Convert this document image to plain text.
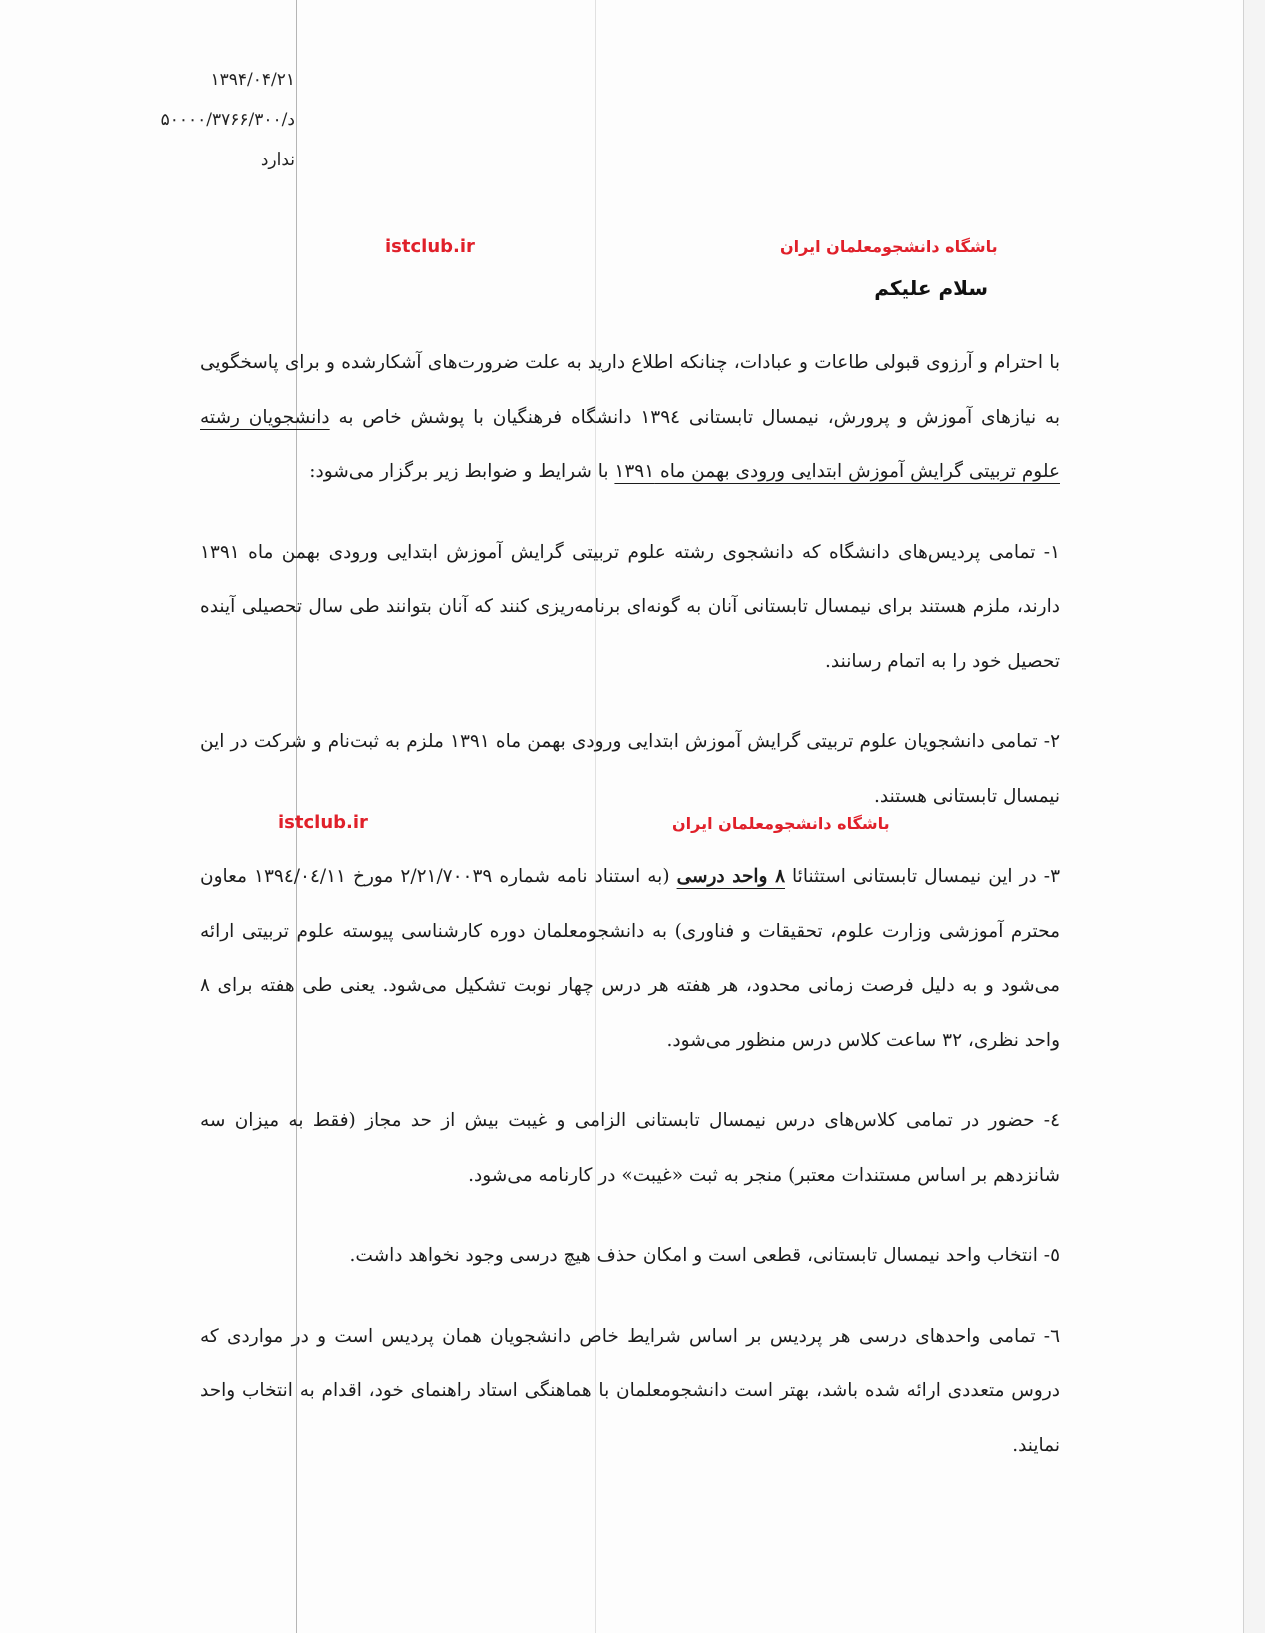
۱۳۹۴/۰۴/۲۱
۵۰۰۰۰/۳۷۶۶/۳۰۰/د
ندارد
istclub.ir	باشگاه دانشجومعلمان ایران
سلام علیکم

با احترام و آرزوی قبولی طاعات و عبادات، چنانکه اطلاع دارید به علت ضرورت‌های آشکارشده و برای پاسخگویی به نیازهای آموزش و پرورش، نیمسال تابستانی ۱۳۹٤ دانشگاه فرهنگیان با پوشش خاص به دانشجویان رشته علوم تربیتی گرایش آموزش ابتدایی ورودی بهمن ماه ۱۳۹۱ با شرایط و ضوابط زیر برگزار می‌شود:

۱- تمامی پردیس‌های دانشگاه که دانشجوی رشته علوم تربیتی گرایش آموزش ابتدایی ورودی بهمن ماه ۱۳۹۱ دارند، ملزم هستند برای نیمسال تابستانی آنان به گونه‌ای برنامه‌ریزی کنند که آنان بتوانند طی سال تحصیلی آینده تحصیل خود را به اتمام رسانند.

۲- تمامی دانشجویان علوم تربیتی گرایش آموزش ابتدایی ورودی بهمن ماه ۱۳۹۱ ملزم به ثبت‌نام و شرکت در این نیمسال تابستانی هستند.

۳- در این نیمسال تابستانی استثنائا ۸ واحد درسی (به استناد نامه شماره ۲/۲۱/۷۰۰۳۹ مورخ ۱۳۹٤/۰٤/۱۱ معاون محترم آموزشی وزارت علوم، تحقیقات و فناوری) به دانشجومعلمان دوره کارشناسی پیوسته علوم تربیتی ارائه می‌شود و به دلیل فرصت زمانی محدود، هر هفته هر درس چهار نوبت تشکیل می‌شود. یعنی طی هفته برای ۸ واحد نظری، ۳۲ ساعت کلاس درس منظور می‌شود.

٤- حضور در تمامی کلاس‌های درس نیمسال تابستانی الزامی و غیبت بیش از حد مجاز (فقط به میزان سه شانزدهم بر اساس مستندات معتبر) منجر به ثبت «غیبت» در کارنامه می‌شود.

٥- انتخاب واحد نیمسال تابستانی، قطعی است و امکان حذف هیچ درسی وجود نخواهد داشت.

٦- تمامی واحدهای درسی هر پردیس بر اساس شرایط خاص دانشجویان همان پردیس است و در مواردی که دروس متعددی ارائه شده باشد، بهتر است دانشجومعلمان با هماهنگی استاد راهنمای خود، اقدام به انتخاب واحد نمایند.

istclub.ir	باشگاه دانشجومعلمان ایران
